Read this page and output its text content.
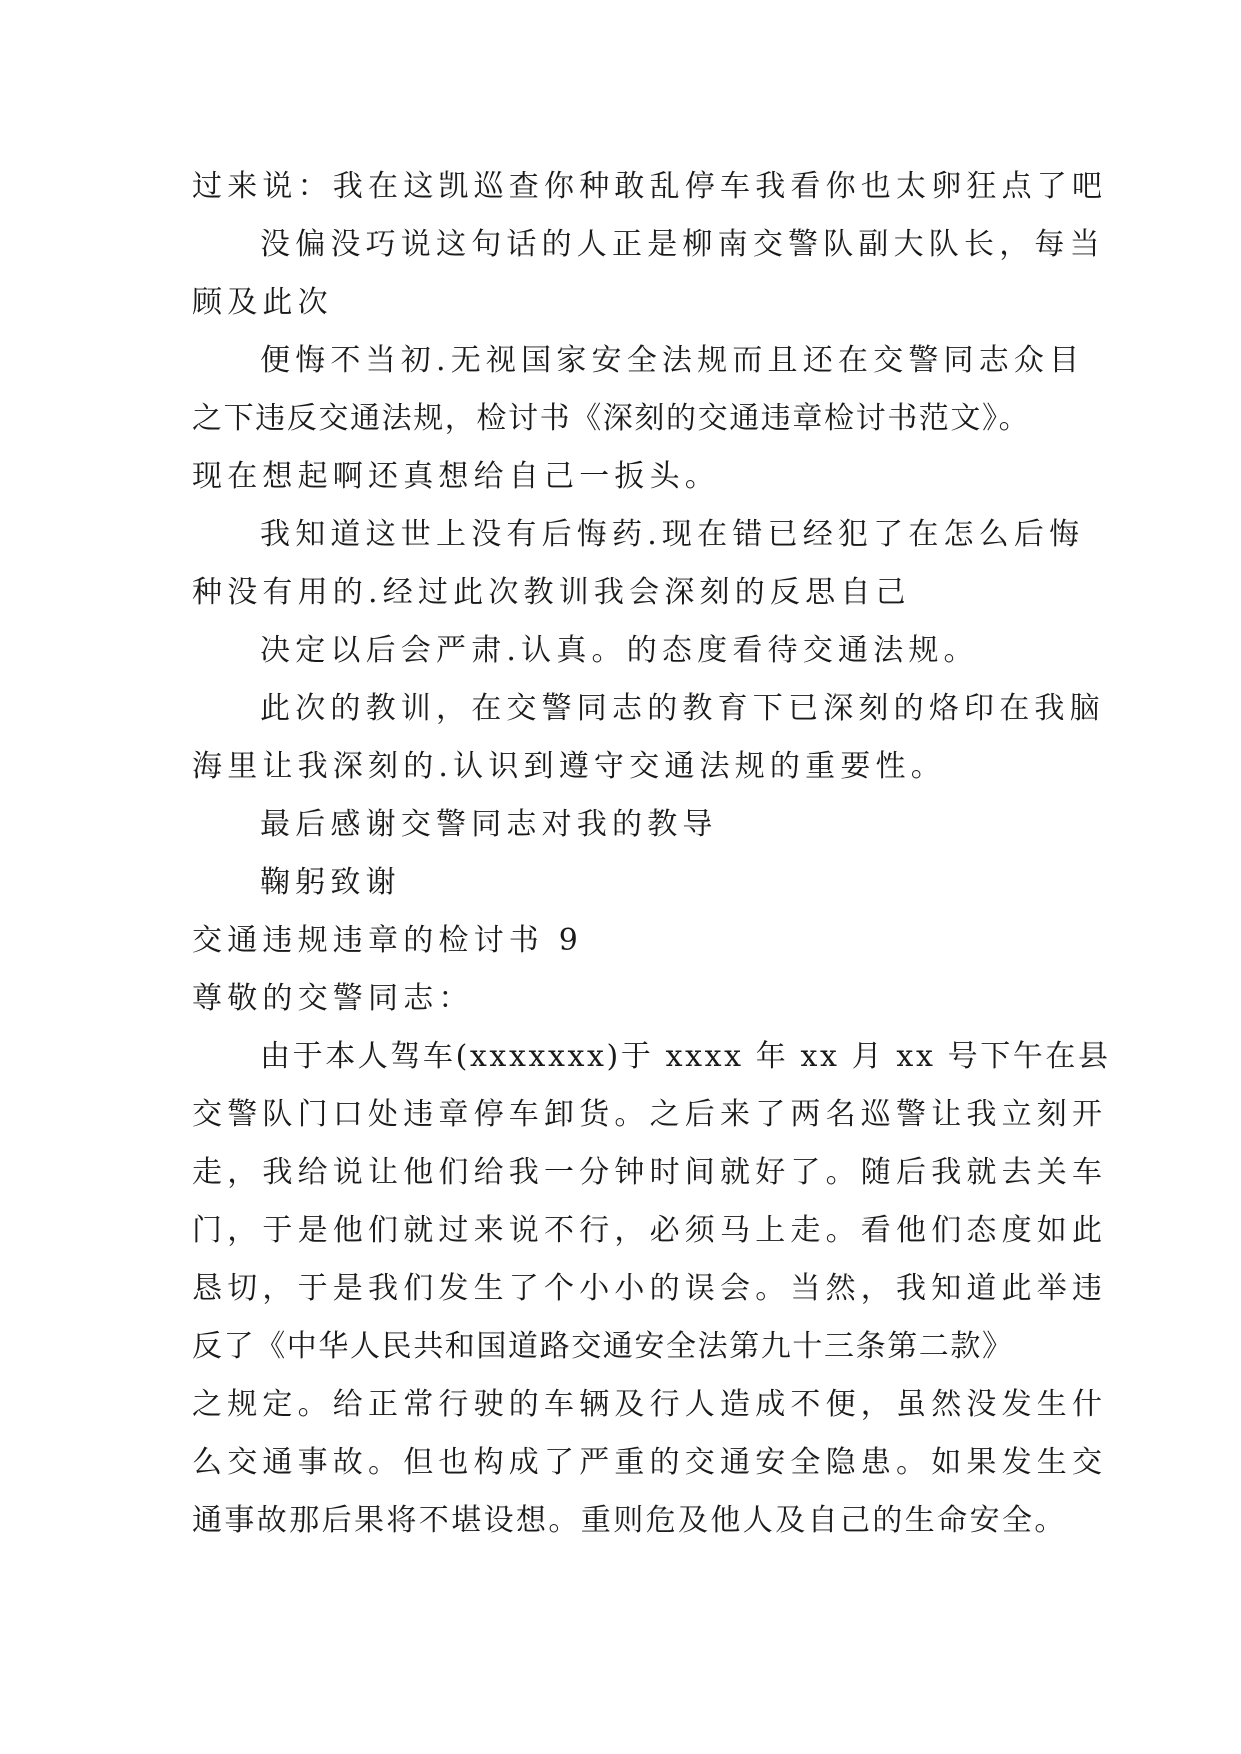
过来说：我在这凯巡查你种敢乱停车我看你也太卵狂点了吧

没偏没巧说这句话的人正是柳南交警队副大队长，每当
顾及此次

便悔不当初.无视国家安全法规而且还在交警同志众目
之下违反交通法规，检讨书《深刻的交通违章检讨书范文》。
现在想起啊还真想给自己一扳头。

我知道这世上没有后悔药.现在错已经犯了在怎么后悔
种没有用的.经过此次教训我会深刻的反思自己

决定以后会严肃.认真。的态度看待交通法规。

此次的教训，在交警同志的教育下已深刻的烙印在我脑
海里让我深刻的.认识到遵守交通法规的重要性。

最后感谢交警同志对我的教导

鞠躬致谢

交通违规违章的检讨书 9

尊敬的交警同志：

由于本人驾车(xxxxxxx)于 xxxx 年 xx 月 xx 号下午在县
交警队门口处违章停车卸货。之后来了两名巡警让我立刻开
走，我给说让他们给我一分钟时间就好了。随后我就去关车
门，于是他们就过来说不行，必须马上走。看他们态度如此
恳切，于是我们发生了个小小的误会。当然，我知道此举违
反了《中华人民共和国道路交通安全法第九十三条第二款》
之规定。给正常行驶的车辆及行人造成不便，虽然没发生什
么交通事故。但也构成了严重的交通安全隐患。如果发生交
通事故那后果将不堪设想。重则危及他人及自己的生命安全。
